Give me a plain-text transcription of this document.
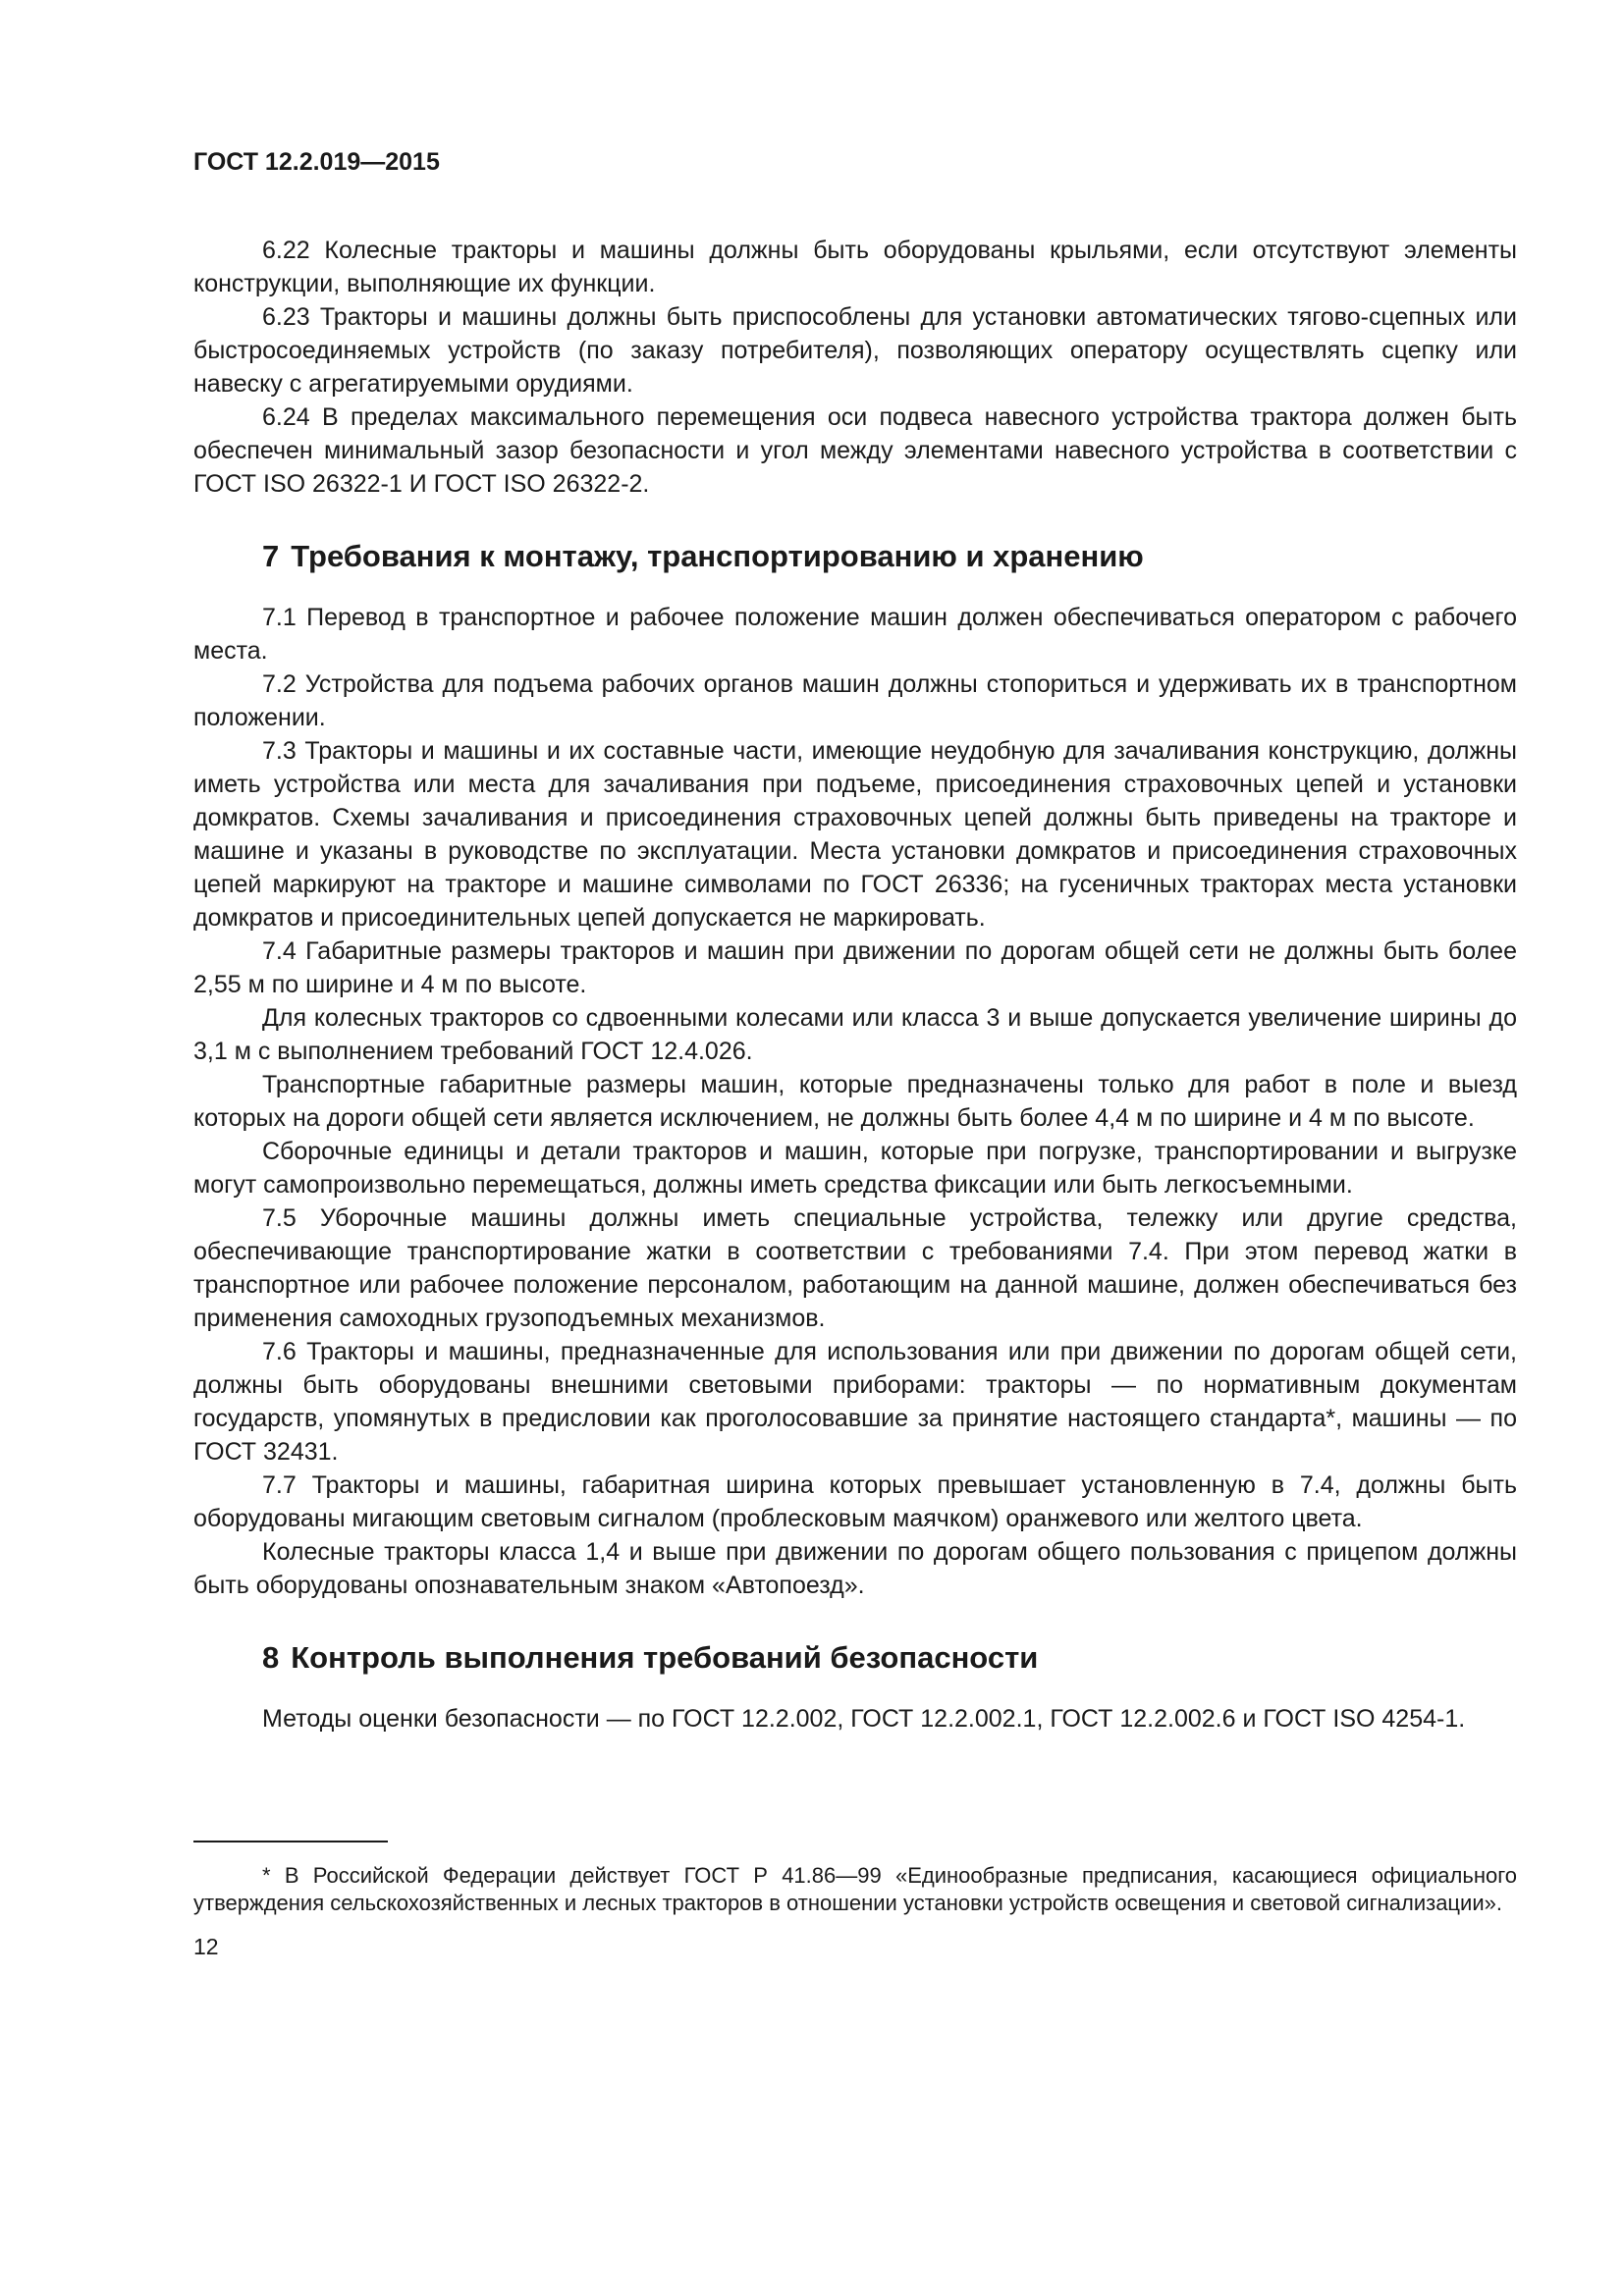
ГОСТ 12.2.019—2015

6.22 Колесные тракторы и машины должны быть оборудованы крыльями, если отсутствуют элементы конструкции, выполняющие их функции.

6.23 Тракторы и машины должны быть приспособлены для установки автоматических тягово-сцепных или быстросоединяемых устройств (по заказу потребителя), позволяющих оператору осуществлять сцепку или навеску с агрегатируемыми орудиями.

6.24 В пределах максимального перемещения оси подвеса навесного устройства трактора должен быть обеспечен минимальный зазор безопасности и угол между элементами навесного устройства в соответствии с ГОСТ ISO 26322-1 И ГОСТ ISO 26322-2.

7 Требования к монтажу, транспортированию и хранению

7.1 Перевод в транспортное и рабочее положение машин должен обеспечиваться оператором с рабочего места.

7.2 Устройства для подъема рабочих органов машин должны стопориться и удерживать их в транспортном положении.

7.3 Тракторы и машины и их составные части, имеющие неудобную для зачаливания конструкцию, должны иметь устройства или места для зачаливания при подъеме, присоединения страховочных цепей и установки домкратов. Схемы зачаливания и присоединения страховочных цепей должны быть приведены на тракторе и машине и указаны в руководстве по эксплуатации. Места установки домкратов и присоединения страховочных цепей маркируют на тракторе и машине символами по ГОСТ 26336; на гусеничных тракторах места установки домкратов и присоединительных цепей допускается не маркировать.

7.4 Габаритные размеры тракторов и машин при движении по дорогам общей сети не должны быть более 2,55 м по ширине и 4 м по высоте.

Для колесных тракторов со сдвоенными колесами или класса 3 и выше допускается увеличение ширины до 3,1 м с выполнением требований ГОСТ 12.4.026.

Транспортные габаритные размеры машин, которые предназначены только для работ в поле и выезд которых на дороги общей сети является исключением, не должны быть более 4,4 м по ширине и 4 м по высоте.

Сборочные единицы и детали тракторов и машин, которые при погрузке, транспортировании и выгрузке могут самопроизвольно перемещаться, должны иметь средства фиксации или быть легкосъемными.

7.5 Уборочные машины должны иметь специальные устройства, тележку или другие средства, обеспечивающие транспортирование жатки в соответствии с требованиями 7.4. При этом перевод жатки в транспортное или рабочее положение персоналом, работающим на данной машине, должен обеспечиваться без применения самоходных грузоподъемных механизмов.

7.6 Тракторы и машины, предназначенные для использования или при движении по дорогам общей сети, должны быть оборудованы внешними световыми приборами: тракторы — по нормативным документам государств, упомянутых в предисловии как проголосовавшие за принятие настоящего стандарта*, машины — по ГОСТ 32431.

7.7 Тракторы и машины, габаритная ширина которых превышает установленную в 7.4, должны быть оборудованы мигающим световым сигналом (проблесковым маячком) оранжевого или желтого цвета.

Колесные тракторы класса 1,4 и выше при движении по дорогам общего пользования с прицепом должны быть оборудованы опознавательным знаком «Автопоезд».

8 Контроль выполнения требований безопасности

Методы оценки безопасности — по ГОСТ 12.2.002, ГОСТ 12.2.002.1, ГОСТ 12.2.002.6 и ГОСТ ISO 4254-1.

* В Российской Федерации действует ГОСТ Р 41.86—99 «Единообразные предписания, касающиеся официального утверждения сельскохозяйственных и лесных тракторов в отношении установки устройств освещения и световой сигнализации».

12
